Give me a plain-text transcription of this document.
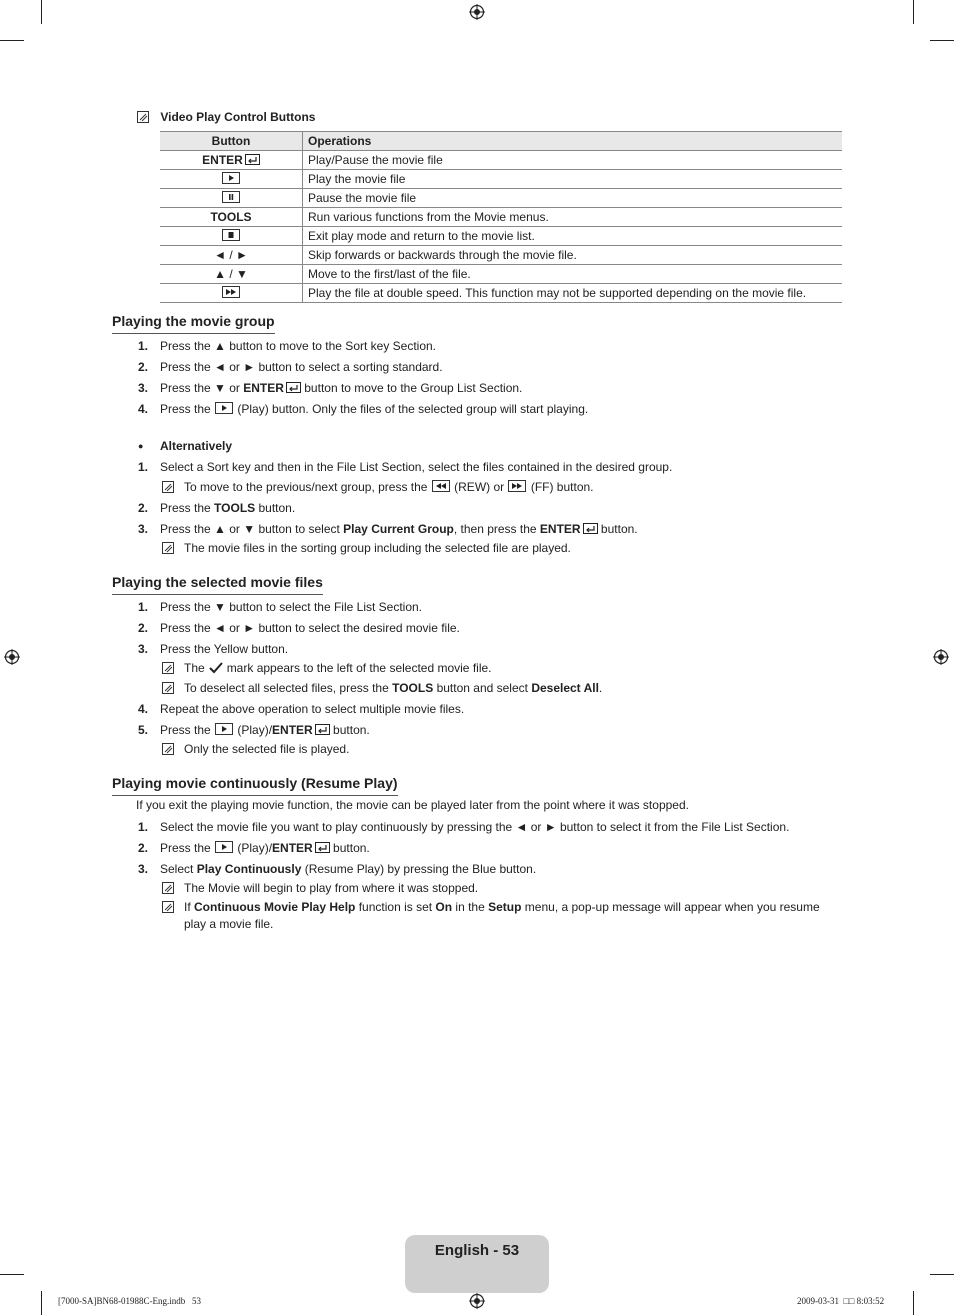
Video Play Control Buttons
Button	Operations
ENTER	Play/Pause the movie file

	Play the movie file

	Pause the movie file
TOOLS	Run various functions from the Movie menus.

	Exit play mode and return to the movie list.
◄ / ►	Skip forwards or backwards through the movie file.
▲ / ▼	Move to the first/last of the file.

	Play the file at double speed. This function may not be supported depending on the movie file.
Playing the movie group
1. Press the ▲ button to move to the Sort key Section.
2. Press the ◄ or ► button to select a sorting standard.
3. Press the ▼ or ENTER
button to move to the Group List Section.
4. Press the
(Play) button. Only the files of the selected group will start playing.
● Alternatively
1. Select a Sort key and then in the File List Section, select the files contained in the desired group.
To move to the previous/next group, press the
(REW) or
(FF) button.
2. Press the TOOLS button.
3. Press the ▲ or ▼ button to select Play Current Group, then press the ENTER
button.
The movie files in the sorting group including the selected file are played.
Playing the selected movie files
1. Press the ▼ button to select the File List Section.
2. Press the ◄ or ► button to select the desired movie file.
3. Press the Yellow button.
The mark appears to the left of the selected movie file.
To deselect all selected files, press the TOOLS button and select Deselect All.
4. Repeat the above operation to select multiple movie files.
5. Press the
(Play)/ENTER
button.
Only the selected file is played.
Playing movie continuously (Resume Play)
If you exit the playing movie function, the movie can be played later from the point where it was stopped.
1. Select the movie file you want to play continuously by pressing the ◄ or ► button to select it from the File List Section.
2. Press the
(Play)/ENTER
button.
3. Select Play Continuously (Resume Play) by pressing the Blue button.
The Movie will begin to play from where it was stopped.
If Continuous Movie Play Help function is set On in the Setup menu, a pop-up message will appear when you resume
play a movie file.
English - 53
[7000-SA]BN68-01988C-Eng.indb 53	2009-03-31 □□ 8:03:52
